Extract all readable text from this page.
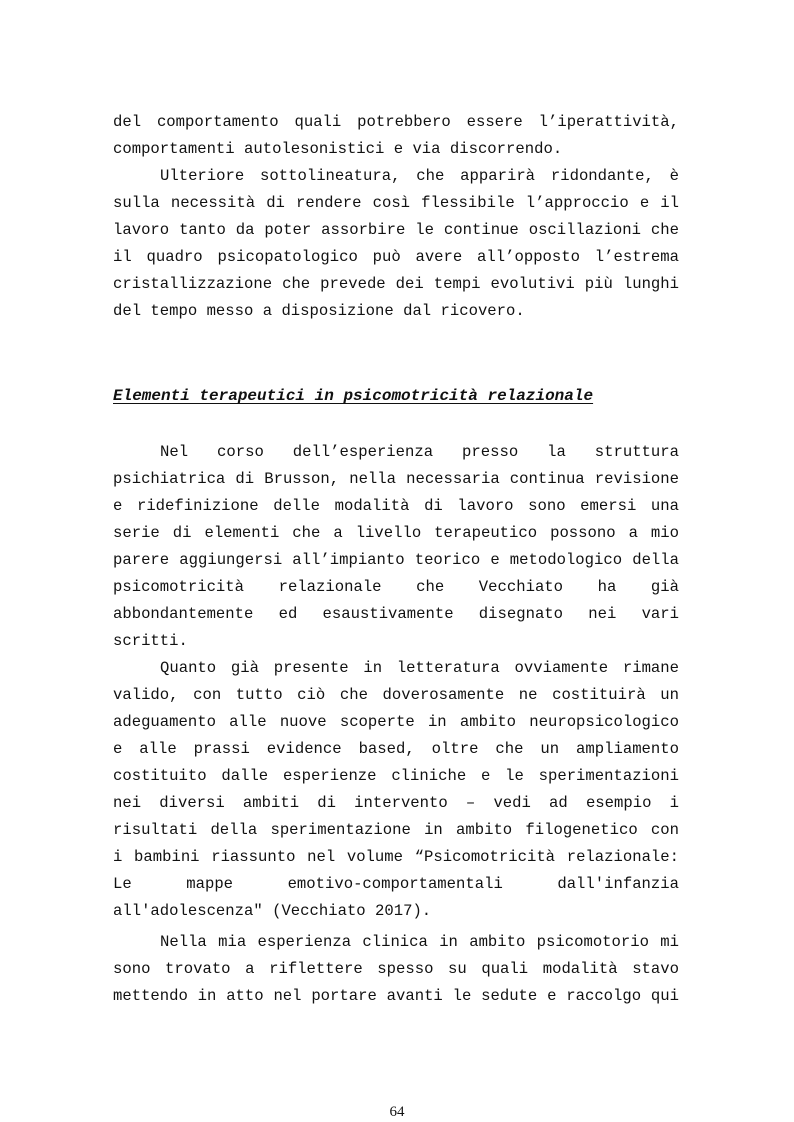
del comportamento quali potrebbero essere l’iperattività,
comportamenti autolesonistici e via discorrendo.
Ulteriore sottolineatura, che apparirà ridondante, è
sulla necessità di rendere così flessibile l’approccio e il
lavoro tanto da poter assorbire le continue oscillazioni che
il quadro psicopatologico può avere all’opposto l’estrema
cristallizzazione che prevede dei tempi evolutivi più lunghi
del tempo messo a disposizione dal ricovero.
Elementi terapeutici in psicomotricità relazionale
Nel corso dell’esperienza presso la struttura
psichiatrica di Brusson, nella necessaria continua revisione
e ridefinizione delle modalità di lavoro sono emersi una
serie di elementi che a livello terapeutico possono a mio
parere aggiungersi all’impianto teorico e metodologico della
psicomotricità relazionale che Vecchiato ha già
abbondantemente ed esaustivamente disegnato nei vari
scritti.
Quanto già presente in letteratura ovviamente rimane
valido, con tutto ciò che doverosamente ne costituirà un
adeguamento alle nuove scoperte in ambito neuropsicologico
e alle prassi evidence based, oltre che un ampliamento
costituito dalle esperienze cliniche e le sperimentazioni
nei diversi ambiti di intervento – vedi ad esempio i
risultati della sperimentazione in ambito filogenetico con
i bambini riassunto nel volume “Psicomotricità relazionale:
Le mappe emotivo-comportamentali dall'infanzia
all'adolescenza" (Vecchiato 2017).
Nella mia esperienza clinica in ambito psicomotorio mi
sono trovato a riflettere spesso su quali modalità stavo
mettendo in atto nel portare avanti le sedute e raccolgo qui
64
